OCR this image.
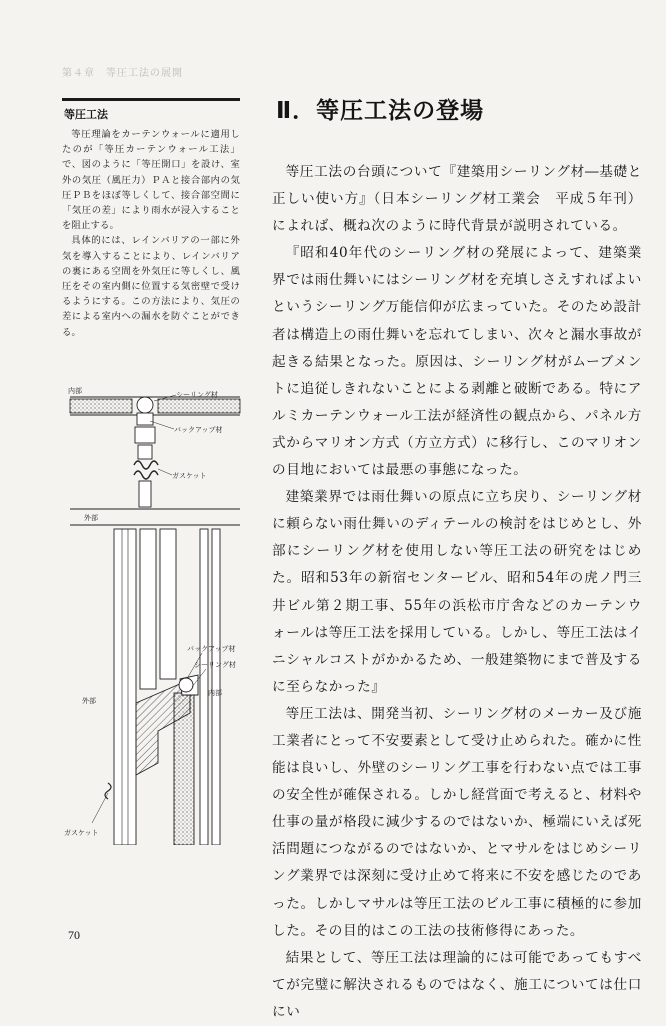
第４章　等圧工法の展開
等圧工法

等圧理論をカーテンウォールに適用したのが「等圧カーテンウォール工法」で、図のように「等圧開口」を設け、室外の気圧（風圧力）ＰＡと接合部内の気圧ＰＢをほぼ等しくして、接合部空間に「気圧の差」により雨水が浸入することを阻止する。

具体的には、レインバリアの一部に外気を導入することにより、レインバリアの裏にある空間を外気圧に等しくし、風圧をその室内側に位置する気密壁で受けるようにする。この方法により、気圧の差による室内への漏水を防ぐことができる。

内部	シーリング材
バックアップ材
ガスケット
外部
バックアップ材
シーリング材
外部
内部
ガスケット
Ⅱ．等圧工法の登場

等圧工法の台頭について『建築用シーリング材―基礎と正しい使い方』（日本シーリング材工業会　平成５年刊）によれば、概ね次のように時代背景が説明されている。

『昭和40年代のシーリング材の発展によって、建築業界では雨仕舞いにはシーリング材を充填しさえすればよいというシーリング万能信仰が広まっていた。そのため設計者は構造上の雨仕舞いを忘れてしまい、次々と漏水事故が起きる結果となった。原因は、シーリング材がムーブメントに追従しきれないことによる剥離と破断である。特にアルミカーテンウォール工法が経済性の観点から、パネル方式からマリオン方式（方立方式）に移行し、このマリオンの目地においては最悪の事態になった。

建築業界では雨仕舞いの原点に立ち戻り、シーリング材に頼らない雨仕舞いのディテールの検討をはじめとし、外部にシーリング材を使用しない等圧工法の研究をはじめた。昭和53年の新宿センタービル、昭和54年の虎ノ門三井ビル第２期工事、55年の浜松市庁舎などのカーテンウォールは等圧工法を採用している。しかし、等圧工法はイニシャルコストがかかるため、一般建築物にまで普及するに至らなかった』

等圧工法は、開発当初、シーリング材のメーカー及び施工業者にとって不安要素として受け止められた。確かに性能は良いし、外壁のシーリング工事を行わない点では工事の安全性が確保される。しかし経営面で考えると、材料や仕事の量が格段に減少するのではないか、極端にいえば死活問題につながるのではないか、とマサルをはじめシーリング業界では深刻に受け止めて将来に不安を感じたのであった。しかしマサルは等圧工法のビル工事に積極的に参加した。その目的はこの工法の技術修得にあった。

結果として、等圧工法は理論的には可能であってもすべてが完璧に解決されるものではなく、施工については仕口にい

70
